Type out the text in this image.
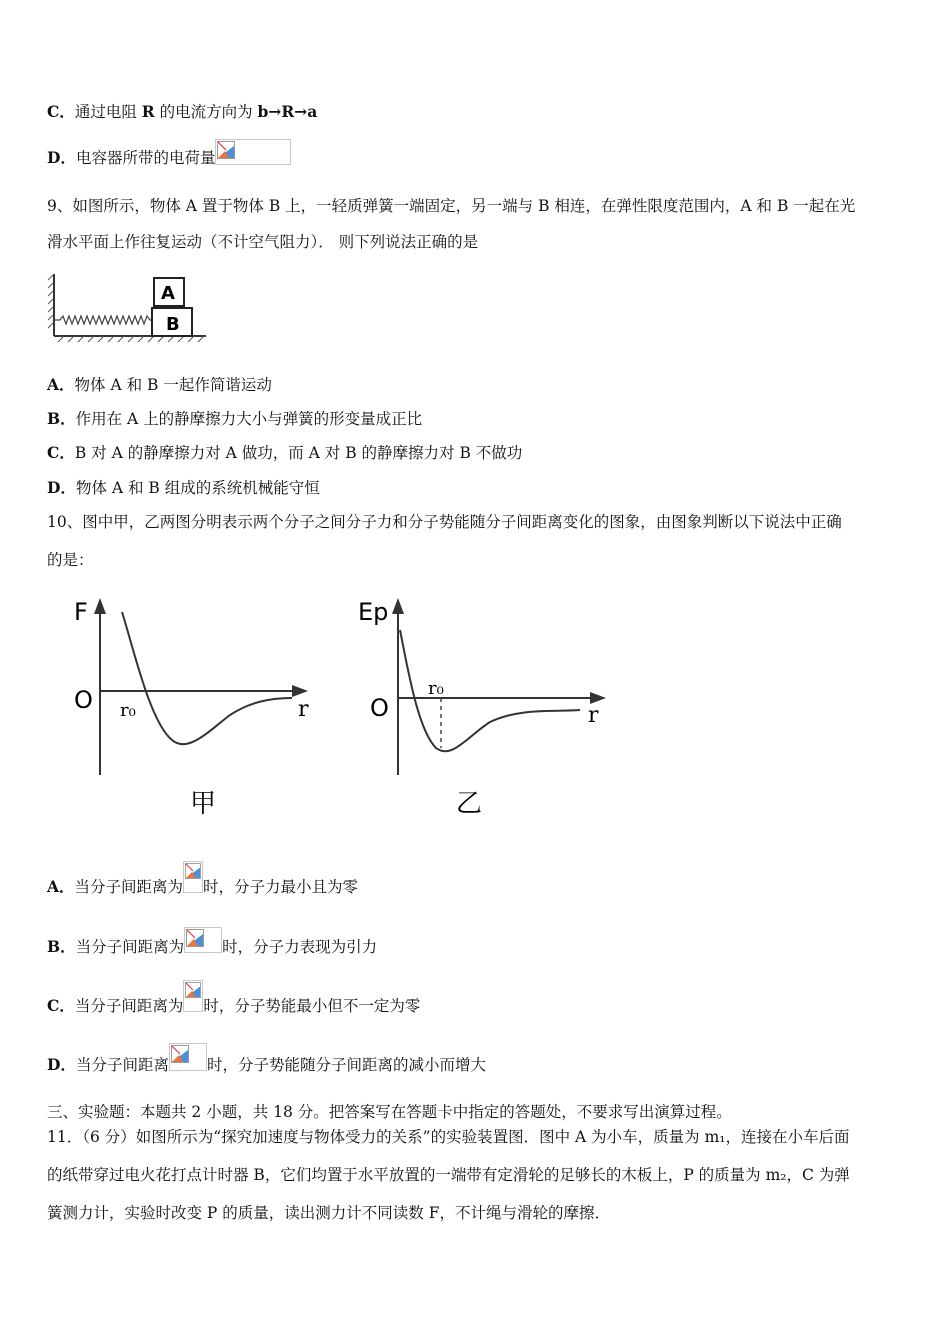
C．通过电阻 R 的电流方向为 b→R→a
D．电容器所带的电荷量
9、如图所示，物体 A 置于物体 B 上，一轻质弹簧一端固定，另一端与 B 相连，在弹性限度范围内，A 和 B 一起在光
滑水平面上作往复运动（不计空气阻力）． 则下列说法正确的是
B
A
A．物体 A 和 B 一起作简谐运动
B．作用在 A 上的静摩擦力大小与弹簧的形变量成正比
C．B 对 A 的静摩擦力对 A 做功，而 A 对 B 的静摩擦力对 B 不做功
D．物体 A 和 B 组成的系统机械能守恒
10、图中甲，乙两图分明表示两个分子之间分子力和分子势能随分子间距离变化的图象，由图象判断以下说法中正确
的是：
F
O r₀	r
甲
Ep
O
r₀
r
乙
A．当分子间距离为 时，分子力最小且为零
B．当分子间距离为 时，分子力表现为引力
C．当分子间距离为 时，分子势能最小但不一定为零
D．当分子间距离 时，分子势能随分子间距离的减小而增大
三、实验题：本题共 2 小题，共 18 分。把答案写在答题卡中指定的答题处，不要求写出演算过程。
11．（6 分）如图所示为“探究加速度与物体受力的关系”的实验装置图．图中 A 为小车，质量为 m₁，连接在小车后面
的纸带穿过电火花打点计时器 B，它们均置于水平放置的一端带有定滑轮的足够长的木板上，P 的质量为 m₂，C 为弹
簧测力计，实验时改变 P 的质量，读出测力计不同读数 F，不计绳与滑轮的摩擦．
